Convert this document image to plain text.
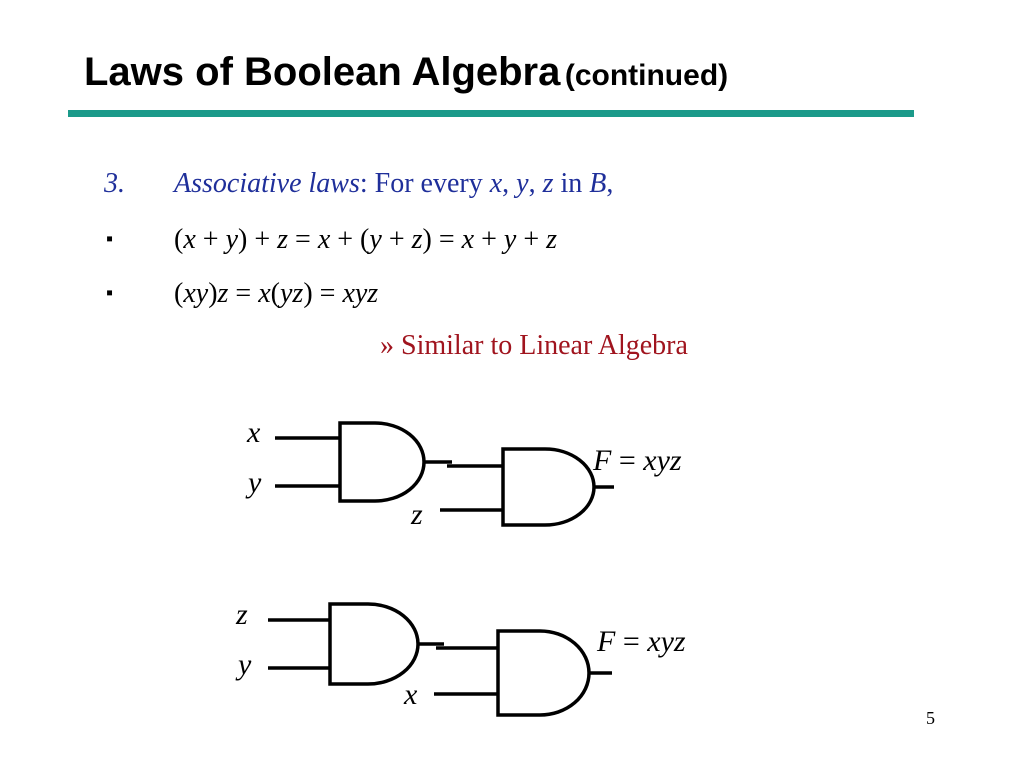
Laws of Boolean Algebra (continued)
3. Associative laws: For every x, y, z in B,
▪ (x + y) + z = x + (y + z) = x + y + z
▪ (xy)z = x(yz) = xyz
» Similar to Linear Algebra
x
y
z
F = xyz
z
y
x
F = xyz
5
